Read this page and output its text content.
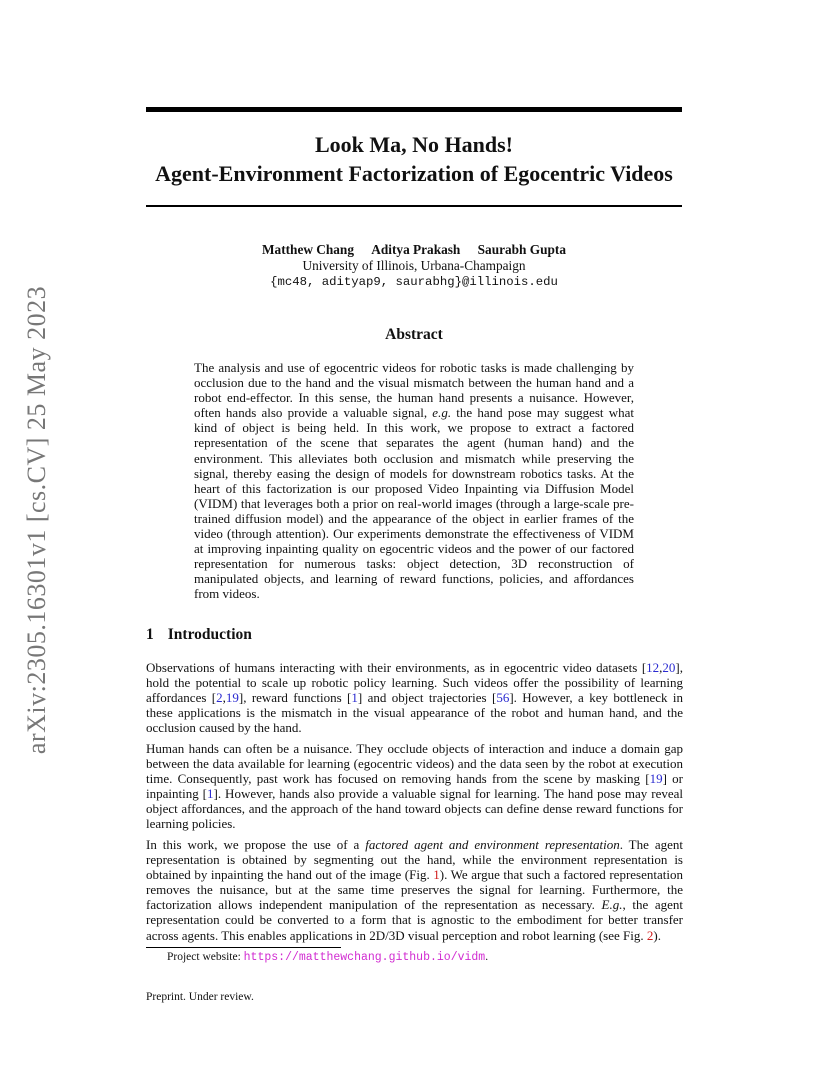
arXiv:2305.16301v1 [cs.CV] 25 May 2023
Look Ma, No Hands!
Agent-Environment Factorization of Egocentric Videos
Matthew Chang Aditya Prakash Saurabh Gupta
University of Illinois, Urbana-Champaign
{mc48, adityap9, saurabhg}@illinois.edu
Abstract

The analysis and use of egocentric videos for robotic tasks is made challenging by occlusion due to the hand and the visual mismatch between the human hand and a robot end-effector. In this sense, the human hand presents a nuisance. However, often hands also provide a valuable signal, e.g. the hand pose may suggest what kind of object is being held. In this work, we propose to extract a factored representation of the scene that separates the agent (human hand) and the environment. This alleviates both occlusion and mismatch while preserving the signal, thereby easing the design of models for downstream robotics tasks. At the heart of this factorization is our proposed Video Inpainting via Diffusion Model (VIDM) that leverages both a prior on real-world images (through a large-scale pre-trained diffusion model) and the appearance of the object in earlier frames of the video (through attention). Our experiments demonstrate the effectiveness of VIDM at improving inpainting quality on egocentric videos and the power of our factored representation for numerous tasks: object detection, 3D reconstruction of manipulated objects, and learning of reward functions, policies, and affordances from videos.

1 Introduction

Observations of humans interacting with their environments, as in egocentric video datasets [12,20], hold the potential to scale up robotic policy learning. Such videos offer the possibility of learning affordances [2,19], reward functions [1] and object trajectories [56]. However, a key bottleneck in these applications is the mismatch in the visual appearance of the robot and human hand, and the occlusion caused by the hand.

Human hands can often be a nuisance. They occlude objects of interaction and induce a domain gap between the data available for learning (egocentric videos) and the data seen by the robot at execution time. Consequently, past work has focused on removing hands from the scene by masking [19] or inpainting [1]. However, hands also provide a valuable signal for learning. The hand pose may reveal object affordances, and the approach of the hand toward objects can define dense reward functions for learning policies.

In this work, we propose the use of a factored agent and environment representation. The agent representation is obtained by segmenting out the hand, while the environment representation is obtained by inpainting the hand out of the image (Fig. 1). We argue that such a factored representation removes the nuisance, but at the same time preserves the signal for learning. Furthermore, the factorization allows independent manipulation of the representation as necessary. E.g., the agent representation could be converted to a form that is agnostic to the embodiment for better transfer across agents. This enables applications in 2D/3D visual perception and robot learning (see Fig. 2).

Project website: https://matthewchang.github.io/vidm.
Preprint. Under review.
